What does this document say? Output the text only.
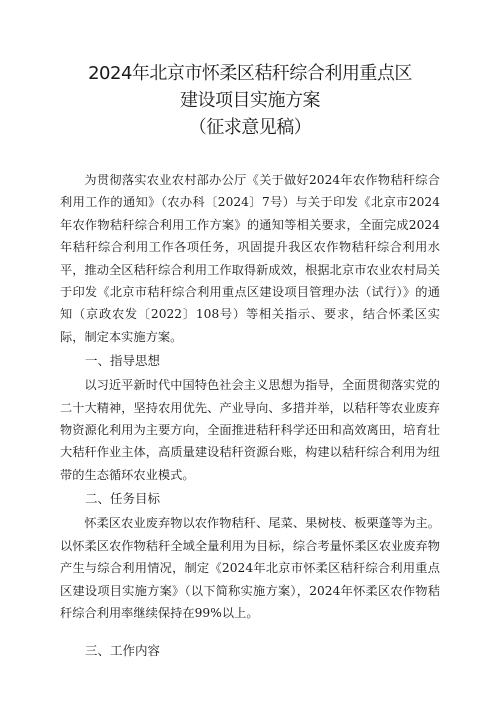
2024年北京市怀柔区秸秆综合利用重点区

建设项目实施方案

（征求意见稿）

为贯彻落实农业农村部办公厅《关于做好2024年农作物秸秆综合利用工作的通知》（农办科〔2024〕7号）与关于印发《北京市2024年农作物秸秆综合利用工作方案》的通知等相关要求，全面完成2024年秸秆综合利用工作各项任务，巩固提升我区农作物秸秆综合利用水平，推动全区秸秆综合利用工作取得新成效，根据北京市农业农村局关于印发《北京市秸秆综合利用重点区建设项目管理办法（试行）》的通知（京政农发〔2022〕108号）等相关指示、要求，结合怀柔区实际，制定本实施方案。

一、指导思想

以习近平新时代中国特色社会主义思想为指导，全面贯彻落实党的二十大精神，坚持农用优先、产业导向、多措并举，以秸秆等农业废弃物资源化利用为主要方向，全面推进秸秆科学还田和高效离田，培育壮大秸秆作业主体，高质量建设秸秆资源台账，构建以秸秆综合利用为纽带的生态循环农业模式。

二、任务目标

怀柔区农业废弃物以农作物秸秆、尾菜、果树枝、板栗蓬等为主。以怀柔区农作物秸秆全域全量利用为目标，综合考量怀柔区农业废弃物产生与综合利用情况，制定《2024年北京市怀柔区秸秆综合利用重点区建设项目实施方案》（以下简称实施方案），2024年怀柔区农作物秸秆综合利用率继续保持在99%以上。

三、工作内容
